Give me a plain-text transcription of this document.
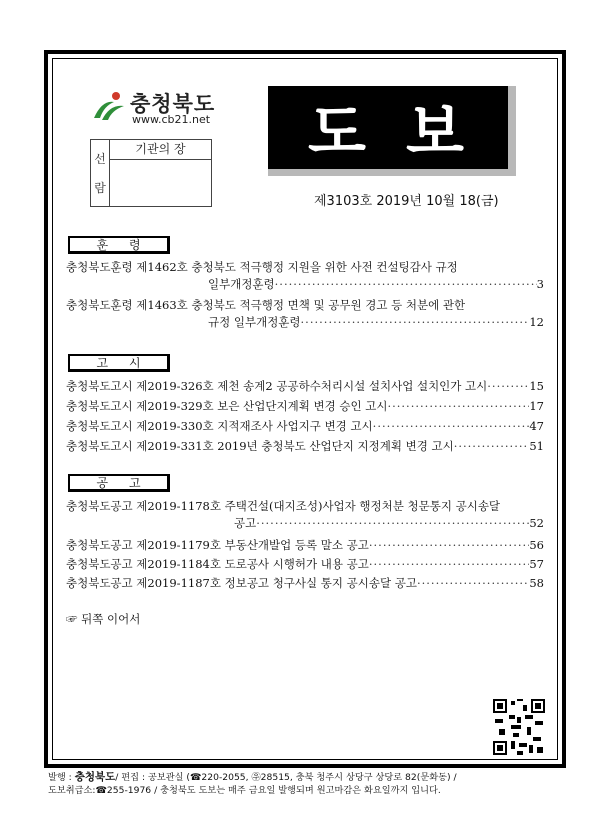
충청북도
www.cb21.net	도보
선
람
기관의 장
제3103호 2019년 10월 18(금)
훈 령
충청북도훈령 제1462호 충청북도 적극행정 지원을 위한 사전 컨설팅감사 규정
일부개정훈령 ·····	3
충청북도훈령 제1463호 충청북도 적극행정 면책 및 공무원 경고 등 처분에 관한
규정 일부개정훈령 ·····	12
고 시
충청북도고시 제2019-326호 제천 송계2 공공하수처리시설 설치사업 설치인가 고시 ·····	15
충청북도고시 제2019-329호 보은 산업단지계획 변경 승인 고시 ·····	17
충청북도고시 제2019-330호 지적재조사 사업지구 변경 고시 ·····	47
충청북도고시 제2019-331호 2019년 충청북도 산업단지 지정계획 변경 고시 ·····	51
공 고
충청북도공고 제2019-1178호 주택건설(대지조성)사업자 행정처분 청문통지 공시송달
공고 ·····	52
충청북도공고 제2019-1179호 부동산개발업 등록 말소 공고 ·····	56
충청북도공고 제2019-1184호 도로공사 시행허가 내용 공고 ·····	57
충청북도공고 제2019-1187호 정보공고 청구사실 통지 공시송달 공고 ·····	58
☞ 뒤쪽 이어서
발행 : 충청북도/ 편집 : 공보관실 (☎220-2055, ㉾28515, 충북 청주시 상당구 상당로 82(문화동) /
도보취급소:☎255-1976 / 충청북도 도보는 매주 금요일 발행되며 원고마감은 화요일까지 입니다.
